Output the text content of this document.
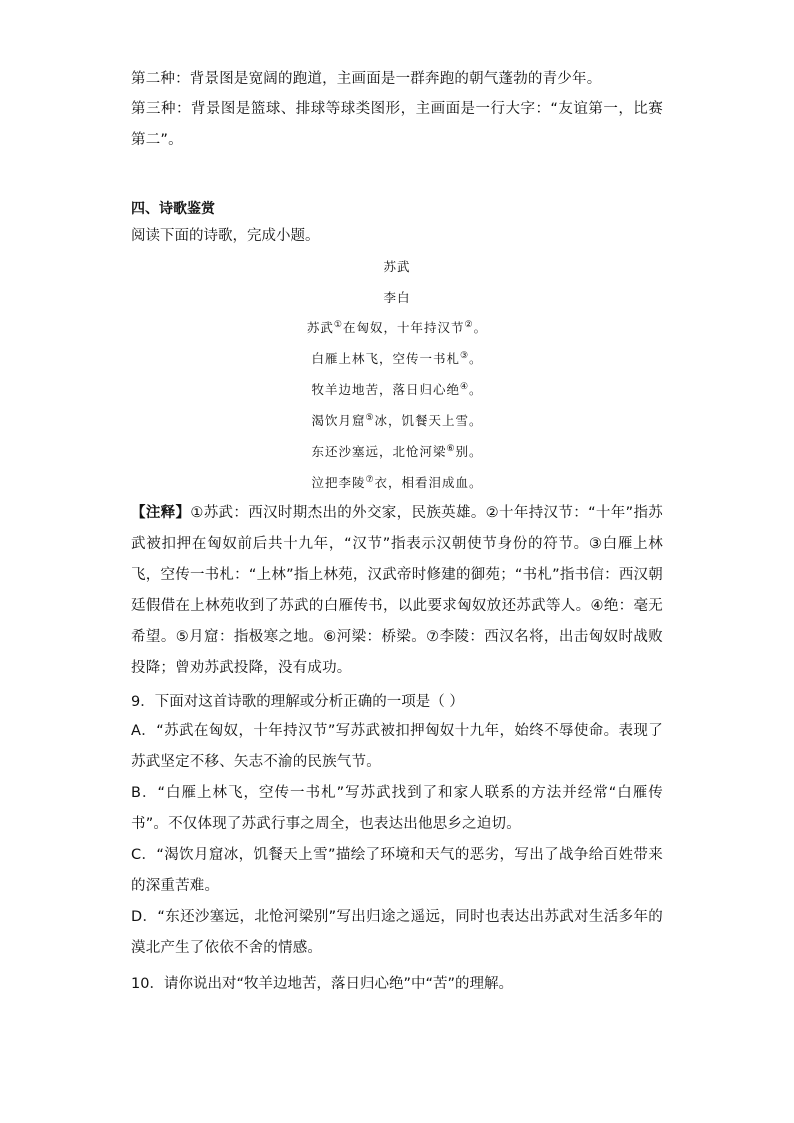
第二种：背景图是宽阔的跑道，主画面是一群奔跑的朝气蓬勃的青少年。

第三种：背景图是篮球、排球等球类图形，主画面是一行大字：“友谊第一，比赛第二”。

四、诗歌鉴赏

阅读下面的诗歌，完成小题。

苏武

李白

苏武①在匈奴，十年持汉节②。

白雁上林飞，空传一书札③。

牧羊边地苦，落日归心绝④。

渴饮月窟⑤冰，饥餐天上雪。

东还沙塞远，北怆河梁⑥别。

泣把李陵⑦衣，相看泪成血。

【注释】①苏武：西汉时期杰出的外交家，民族英雄。②十年持汉节：“十年”指苏武被扣押在匈奴前后共十九年，“汉节”指表示汉朝使节身份的符节。③白雁上林飞，空传一书札：“上林”指上林苑，汉武帝时修建的御苑；“书札”指书信：西汉朝廷假借在上林苑收到了苏武的白雁传书，以此要求匈奴放还苏武等人。④绝：毫无希望。⑤月窟：指极寒之地。⑥河梁：桥梁。⑦李陵：西汉名将，出击匈奴时战败投降；曾劝苏武投降，没有成功。

9．下面对这首诗歌的理解或分析正确的一项是（ ）

A．“苏武在匈奴，十年持汉节”写苏武被扣押匈奴十九年，始终不辱使命。表现了苏武坚定不移、矢志不渝的民族气节。

B．“白雁上林飞，空传一书札”写苏武找到了和家人联系的方法并经常“白雁传书”。不仅体现了苏武行事之周全，也表达出他思乡之迫切。

C．“渴饮月窟冰，饥餐天上雪”描绘了环境和天气的恶劣，写出了战争给百姓带来的深重苦难。

D．“东还沙塞远，北怆河梁别”写出归途之遥远，同时也表达出苏武对生活多年的漠北产生了依依不舍的情感。

10．请你说出对“牧羊边地苦，落日归心绝”中“苦”的理解。
